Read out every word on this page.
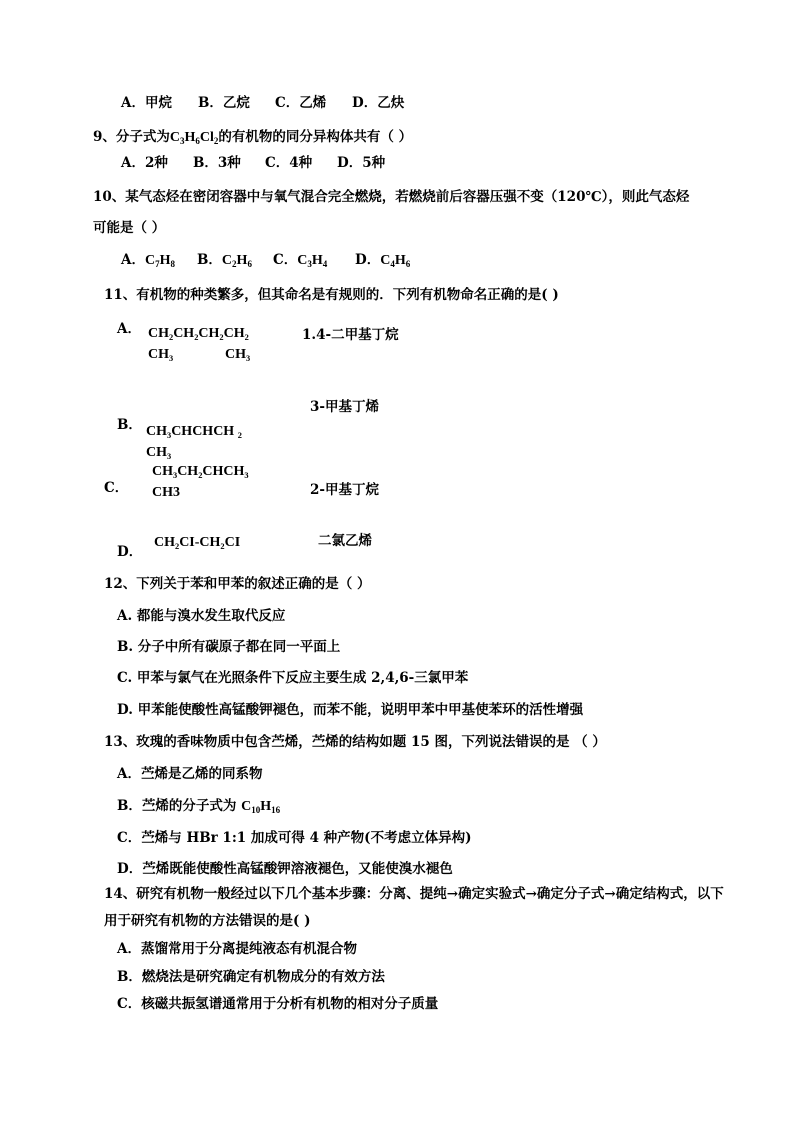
A．甲烷 B．乙烷 C．乙烯 D．乙炔
9、分子式为$C_3H_6Cl_2$的有机物的同分异构体共有（ ）
A．2种 B．3种 C．4种 D．5种
10、某气态烃在密闭容器中与氧气混合完全燃烧，若燃烧前后容器压强不变（120℃），则此气态烃
可能是（ ）
A．$C_7H_8$ B．$C_2H_6$ C．$C_3H_4$ D．$C_4H_6$
11、有机物的种类繁多，但其命名是有规则的．下列有机物命名正确的是( )
A． CH₂CH₂CH₂CH₂
CH₃	CH₃
1.4-二甲基丁烷
3-甲基丁烯
B． CH₃CHCHCH ₂
CH₃
CH₃CH₂CHCH₃
C． CH3	2-甲基丁烷
CH₂CI-CH₂CI	二氯乙烯
D．
12、下列关于苯和甲苯的叙述正确的是（ ）
A. 都能与溴水发生取代反应
B. 分子中所有碳原子都在同一平面上
C. 甲苯与氯气在光照条件下反应主要生成 2,4,6-三氯甲苯
D. 甲苯能使酸性高锰酸钾褪色，而苯不能，说明甲苯中甲基使苯环的活性增强
13、玫瑰的香味物质中包含苎烯，苎烯的结构如题 15 图，下列说法错误的是 （ ）
A．苎烯是乙烯的同系物
B．苎烯的分子式为 $C_{10}H_{16}$
C．苎烯与 HBr 1:1 加成可得 4 种产物(不考虑立体异构)
D．苎烯既能使酸性高锰酸钾溶液褪色，又能使溴水褪色
14、研究有机物一般经过以下几个基本步骤：分离、提纯→确定实验式→确定分子式→确定结构式，以下
用于研究有机物的方法错误的是( )
A．蒸馏常用于分离提纯液态有机混合物
B．燃烧法是研究确定有机物成分的有效方法
C．核磁共振氢谱通常用于分析有机物的相对分子质量
